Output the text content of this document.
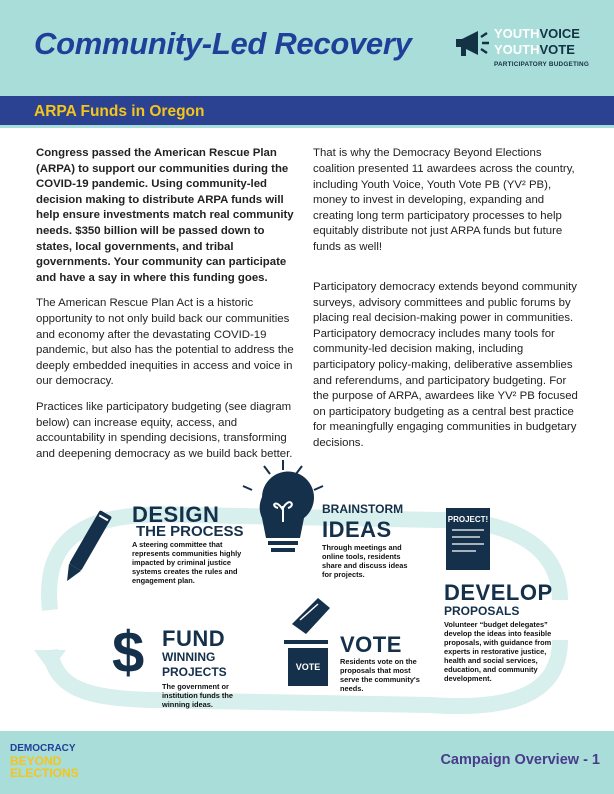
Community-Led Recovery	YOUTHVOICE
YOUTHVOTE
PARTICIPATORY BUDGETING
ARPA Funds in Oregon

Congress passed the American Rescue Plan (ARPA) to support our communities during the COVID-19 pandemic. Using community-led decision making to distribute ARPA funds will help ensure investments match real community needs. $350 billion will be passed down to states, local governments, and tribal governments. Your community can participate and have a say in where this funding goes.

The American Rescue Plan Act is a historic opportunity to not only build back our communities and economy after the devastating COVID-19 pandemic, but also has the potential to address the deeply embedded inequities in access and voice in our democracy.

Practices like participatory budgeting (see diagram below) can increase equity, access, and accountability in spending decisions, transforming and deepening democracy as we build back better.

That is why the Democracy Beyond Elections coalition presented 11 awardees across the country, including Youth Voice, Youth Vote PB (YV² PB), money to invest in developing, expanding and creating long term participatory processes to help equitably distribute not just ARPA funds but future funds as well!

Participatory democracy extends beyond community surveys, advisory committees and public forums by placing real decision-making power in communities. Participatory democracy includes many tools for community-led decision making, including participatory policy-making, deliberative assemblies and referendums, and participatory budgeting. For the purpose of ARPA, awardees like YV² PB focused on participatory budgeting as a central best practice for meaningfully engaging communities in budgetary decisions.

PROJECT!
$	VOTE
DESIGN
THE PROCESS
A steering committee that represents communities highly impacted by criminal justice systems creates the rules and engagement plan.
BRAINSTORM
IDEAS
Through meetings and online tools, residents share and discuss ideas for projects.
DEVELOP
PROPOSALS
Volunteer “budget delegates” develop the ideas into feasible proposals, with guidance from experts in restorative justice, health and social services, education, and community development.
VOTE
Residents vote on the proposals that most serve the community's needs.
FUND
WINNING
PROJECTS
The government or institution funds the winning ideas.
DEMOCRACY
BEYOND
ELECTIONS
Campaign Overview - 1
